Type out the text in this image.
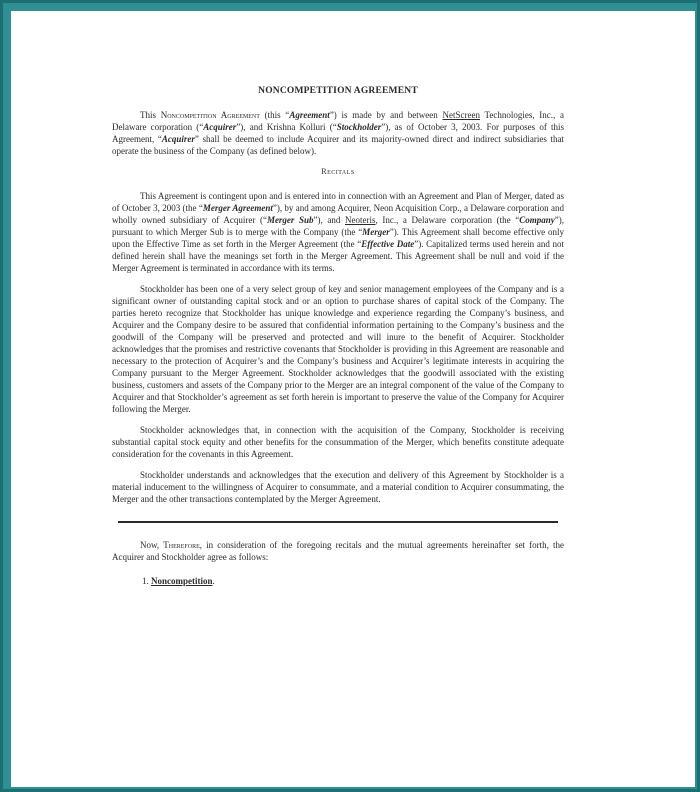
NONCOMPETITION AGREEMENT

This Noncompetition Agreement (this “Agreement”) is made by and between NetScreen Technologies, Inc., a Delaware corporation (“Acquirer”), and Krishna Kolluri (“Stockholder”), as of October 3, 2003. For purposes of this Agreement, “Acquirer” shall be deemed to include Acquirer and its majority-owned direct and indirect subsidiaries that operate the business of the Company (as defined below).

Recitals

This Agreement is contingent upon and is entered into in connection with an Agreement and Plan of Merger, dated as of October 3, 2003 (the “Merger Agreement”), by and among Acquirer, Neon Acquisition Corp., a Delaware corporation and wholly owned subsidiary of Acquirer (“Merger Sub”), and Neoteris, Inc., a Delaware corporation (the “Company”), pursuant to which Merger Sub is to merge with the Company (the “Merger”). This Agreement shall become effective only upon the Effective Time as set forth in the Merger Agreement (the “Effective Date”). Capitalized terms used herein and not defined herein shall have the meanings set forth in the Merger Agreement. This Agreement shall be null and void if the Merger Agreement is terminated in accordance with its terms.

Stockholder has been one of a very select group of key and senior management employees of the Company and is a significant owner of outstanding capital stock and or an option to purchase shares of capital stock of the Company. The parties hereto recognize that Stockholder has unique knowledge and experience regarding the Company’s business, and Acquirer and the Company desire to be assured that confidential information pertaining to the Company’s business and the goodwill of the Company will be preserved and protected and will inure to the benefit of Acquirer. Stockholder acknowledges that the promises and restrictive covenants that Stockholder is providing in this Agreement are reasonable and necessary to the protection of Acquirer’s and the Company’s business and Acquirer’s legitimate interests in acquiring the Company pursuant to the Merger Agreement. Stockholder acknowledges that the goodwill associated with the existing business, customers and assets of the Company prior to the Merger are an integral component of the value of the Company to Acquirer and that Stockholder’s agreement as set forth herein is important to preserve the value of the Company for Acquirer following the Merger.

Stockholder acknowledges that, in connection with the acquisition of the Company, Stockholder is receiving substantial capital stock equity and other benefits for the consummation of the Merger, which benefits constitute adequate consideration for the covenants in this Agreement.

Stockholder understands and acknowledges that the execution and delivery of this Agreement by Stockholder is a material inducement to the willingness of Acquirer to consummate, and a material condition to Acquirer consummating, the Merger and the other transactions contemplated by the Merger Agreement.

Now, Therefore, in consideration of the foregoing recitals and the mutual agreements hereinafter set forth, the Acquirer and Stockholder agree as follows:

1. Noncompetition.
